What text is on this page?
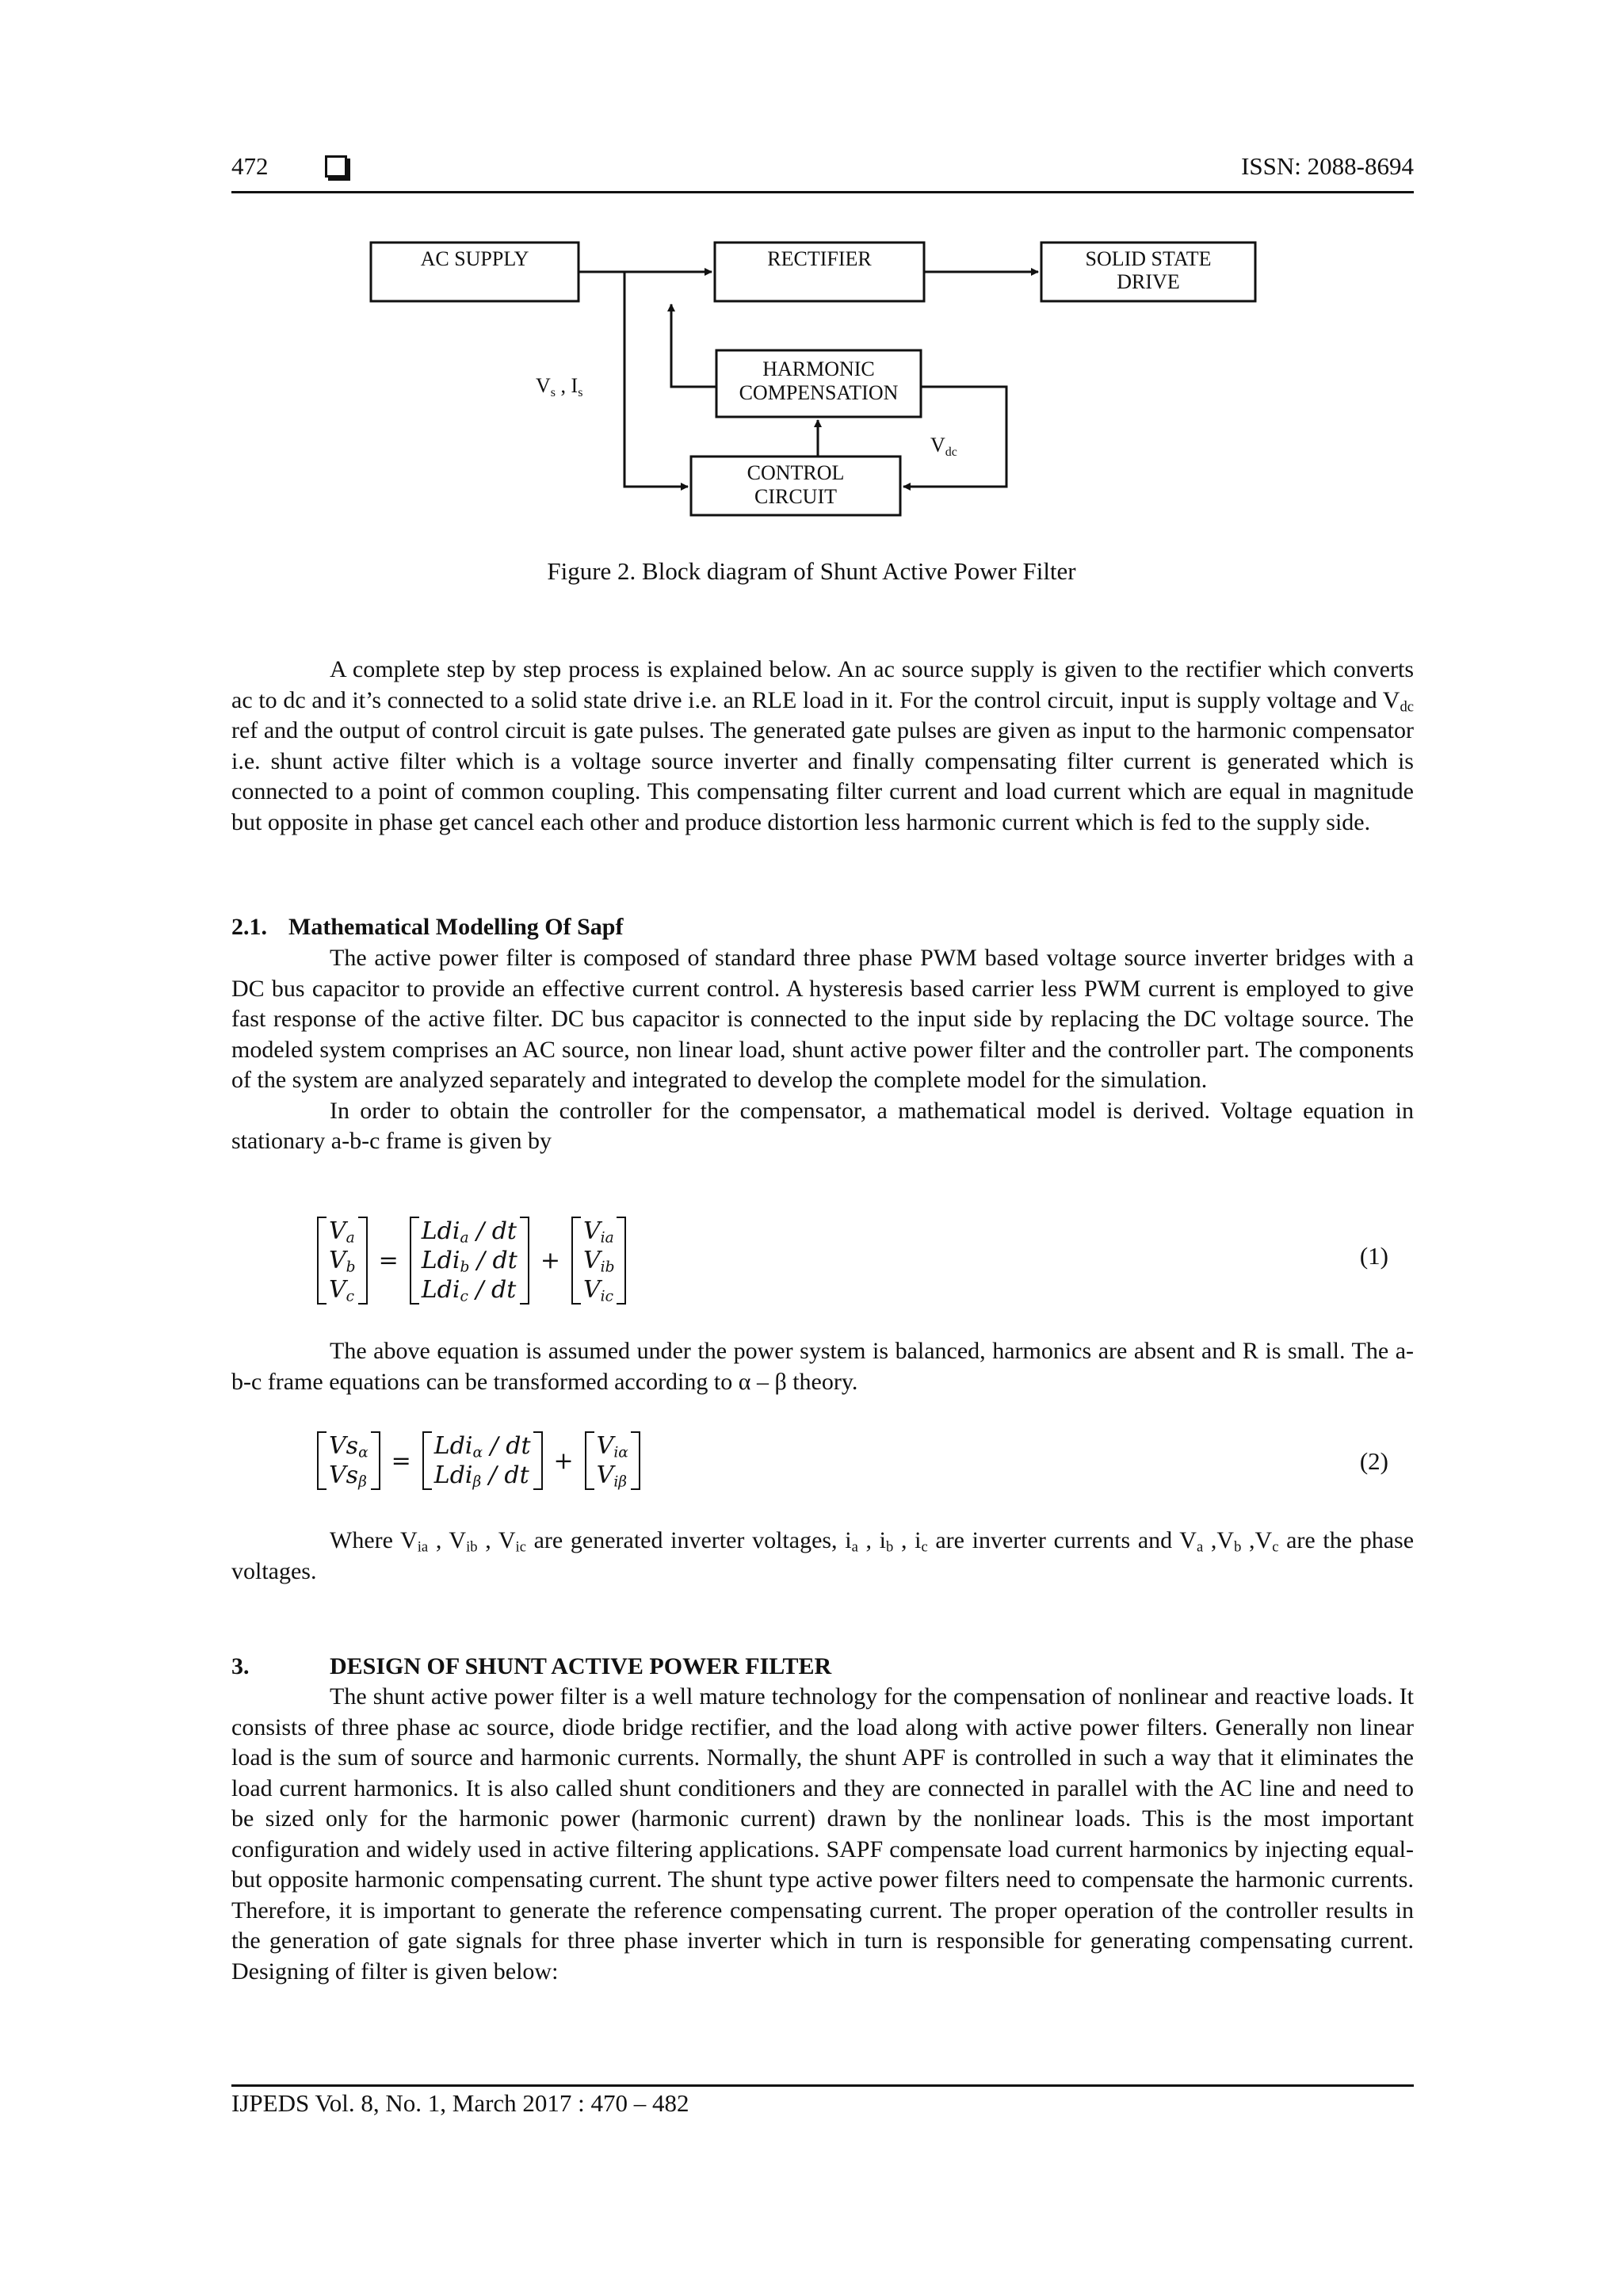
472	ISSN: 2088-8694
AC SUPPLY	RECTIFIER	SOLID STATE
DRIVE
HARMONIC
COMPENSATION
CONTROL
CIRCUIT
Vs , Is
Vdc
Figure 2. Block diagram of Shunt Active Power Filter

A complete step by step process is explained below. An ac source supply is given to the rectifier which converts ac to dc and it’s connected to a solid state drive i.e. an RLE load in it. For the control circuit, input is supply voltage and $V_{dc}$ ref and the output of control circuit is gate pulses. The generated gate pulses are given as input to the harmonic compensator i.e. shunt active filter which is a voltage source inverter and finally compensating filter current is generated which is connected to a point of common coupling. This compensating filter current and load current which are equal in magnitude but opposite in phase get cancel each other and produce distortion less harmonic current which is fed to the supply side.

2.1. Mathematical Modelling Of Sapf

The active power filter is composed of standard three phase PWM based voltage source inverter bridges with a DC bus capacitor to provide an effective current control. A hysteresis based carrier less PWM current is employed to give fast response of the active filter. DC bus capacitor is connected to the input side by replacing the DC voltage source. The modeled system comprises an AC source, non linear load, shunt active power filter and the controller part. The components of the system are analyzed separately and integrated to develop the complete model for the simulation.

In order to obtain the controller for the compensator, a mathematical model is derived. Voltage equation in stationary a-b-c frame is given by

$V_a$
$V_b$
$V_c$
=
Ldi$_a$ / dt
Ldi$_b$ / dt
Ldi$_c$ / dt
+
$V_{ia}$
$V_{ib}$
$V_{ic}$
(1)

The above equation is assumed under the power system is balanced, harmonics are absent and R is small. The a-b-c frame equations can be transformed according to α – β theory.

$Vs_\alpha$
$Vs_\beta$
=
Ldi$_\alpha$ / dt
Ldi$_\beta$ / dt
+
$V_{i\alpha}$
$V_{i\beta}$
(2)

Where $V_{ia}$ , $V_{ib}$ , $V_{ic}$ are generated inverter voltages, $i_a$ , $i_b$ , $i_c$ are inverter currents and $V_a$ $,V_b$ $,V_c$ are the phase voltages.

3.	DESIGN OF SHUNT ACTIVE POWER FILTER

The shunt active power filter is a well mature technology for the compensation of nonlinear and reactive loads. It consists of three phase ac source, diode bridge rectifier, and the load along with active power filters. Generally non linear load is the sum of source and harmonic currents. Normally, the shunt APF is controlled in such a way that it eliminates the load current harmonics. It is also called shunt conditioners and they are connected in parallel with the AC line and need to be sized only for the harmonic power (harmonic current) drawn by the nonlinear loads. This is the most important configuration and widely used in active filtering applications. SAPF compensate load current harmonics by injecting equal-but opposite harmonic compensating current. The shunt type active power filters need to compensate the harmonic currents. Therefore, it is important to generate the reference compensating current. The proper operation of the controller results in the generation of gate signals for three phase inverter which in turn is responsible for generating compensating current. Designing of filter is given below:

IJPEDS Vol. 8, No. 1, March 2017 : 470 – 482
